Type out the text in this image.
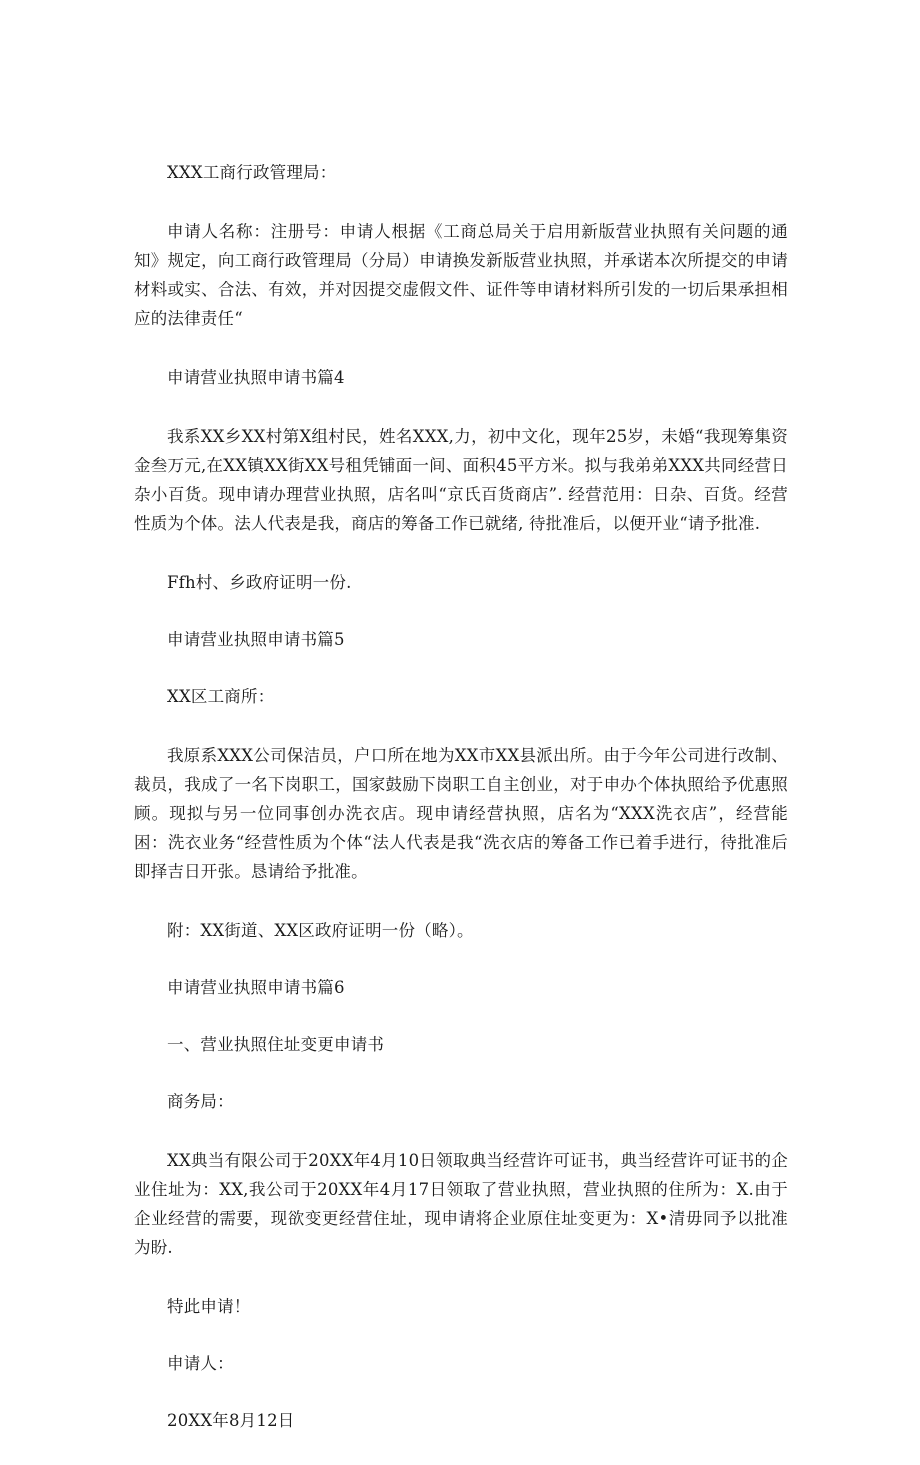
XXX工商行政管理局：

申请人名称：注册号：申请人根据《工商总局关于启用新版营业执照有关问题的通知》规定，向工商行政管理局（分局）申请换发新版营业执照，并承诺本次所提交的申请材料或实、合法、有效，并对因提交虚假文件、证件等申请材料所引发的一切后果承担相应的法律责任“

申请营业执照申请书篇4

我系XX乡XX村第X组村民，姓名XXX,力，初中文化，现年25岁，未婚“我现筹集资金叁万元,在XX镇XX街XX号租凭铺面一间、面积45平方米。拟与我弟弟XXX共同经营日杂小百货。现申请办理营业执照，店名叫“京氏百货商店”. 经营范用：日杂、百货。经营性质为个体。法人代表是我，商店的筹备工作已就绪, 待批准后，以便开业“请予批准.

Ffh村、乡政府证明一份.

申请营业执照申请书篇5

XX区工商所：

我原系XXX公司保洁员，户口所在地为XX市XX县派出所。由于今年公司进行改制、裁员，我成了一名下岗职工，国家鼓励下岗职工自主创业，对于申办个体执照给予优惠照顾。现拟与另一位同事创办洗衣店。现申请经营执照，店名为“XXX洗衣店”，经营能困：洗衣业务“经营性质为个体“法人代表是我“洗衣店的筹备工作已着手进行，待批准后即择吉日开张。恳请给予批准。

附：XX街道、XX区政府证明一份（略）。

申请营业执照申请书篇6

一、营业执照住址变更申请书

商务局：

XX典当有限公司于20XX年4月10日领取典当经营许可证书，典当经营许可证书的企业住址为：XX,我公司于20XX年4月17日领取了营业执照，营业执照的住所为：X.由于企业经营的需要，现欲变更经营住址，现申请将企业原住址变更为：X•清毋同予以批准为盼.

特此申请！

申请人：

20XX年8月12日
